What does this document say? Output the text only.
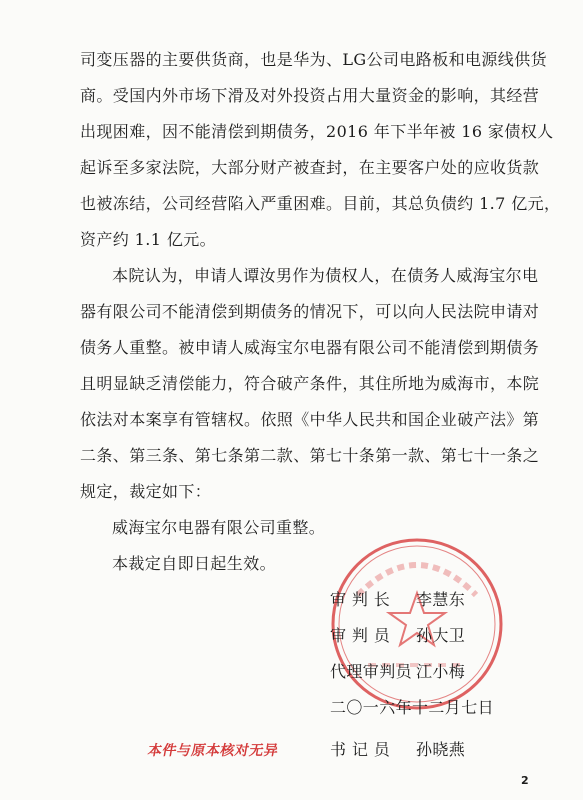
司变压器的主要供货商，也是华为、LG公司电路板和电源线供货
商。受国内外市场下滑及对外投资占用大量资金的影响，其经营
出现困难，因不能清偿到期债务，2016 年下半年被 16 家债权人
起诉至多家法院，大部分财产被查封，在主要客户处的应收货款
也被冻结，公司经营陷入严重困难。目前，其总负债约 1.7 亿元，
资产约 1.1 亿元。
本院认为，申请人谭汝男作为债权人，在债务人威海宝尔电
器有限公司不能清偿到期债务的情况下，可以向人民法院申请对
债务人重整。被申请人威海宝尔电器有限公司不能清偿到期债务
且明显缺乏清偿能力，符合破产条件，其住所地为威海市，本院
依法对本案享有管辖权。依照《中华人民共和国企业破产法》第
二条、第三条、第七条第二款、第七十条第一款、第七十一条之
规定，裁定如下：
威海宝尔电器有限公司重整。
本裁定自即日起生效。
审 判 长 李慧东
审 判 员 孙大卫
代理审判员 江小梅
二〇一六年十二月七日
本件与原本核对无异	书 记 员 孙晓燕
2
